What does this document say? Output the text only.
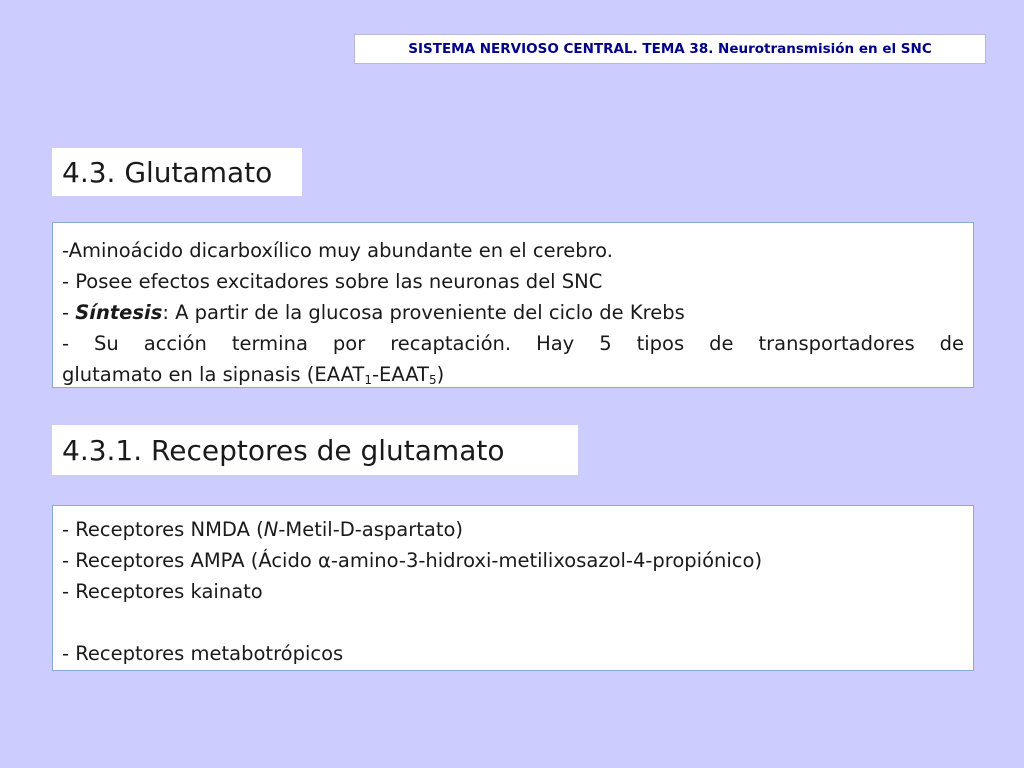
SISTEMA NERVIOSO CENTRAL. TEMA 38. Neurotransmisión en el SNC
4.3. Glutamato
-Aminoácido dicarboxílico muy abundante en el cerebro.
- Posee efectos excitadores sobre las neuronas del SNC
- Síntesis: A partir de la glucosa proveniente del ciclo de Krebs
- Su acción termina por recaptación. Hay 5 tipos de transportadores de
glutamato en la sipnasis $(EAAT_1-EAAT_5)$
4.3.1. Receptores de glutamato
- Receptores NMDA (N-Metil-D-aspartato)
- Receptores AMPA (Ácido α-amino-3-hidroxi-metilixosazol-4-propiónico)
- Receptores kainato
- Receptores metabotrópicos
